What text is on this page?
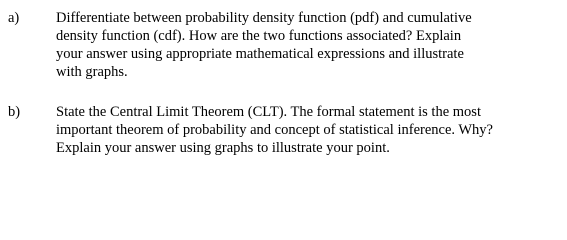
a)	Differentiate between probability density function (pdf) and cumulative
density function (cdf). How are the two functions associated? Explain
your answer using appropriate mathematical expressions and illustrate
with graphs.
b) State the Central Limit Theorem (CLT). The formal statement is the most
important theorem of probability and concept of statistical inference. Why?
Explain your answer using graphs to illustrate your point.
